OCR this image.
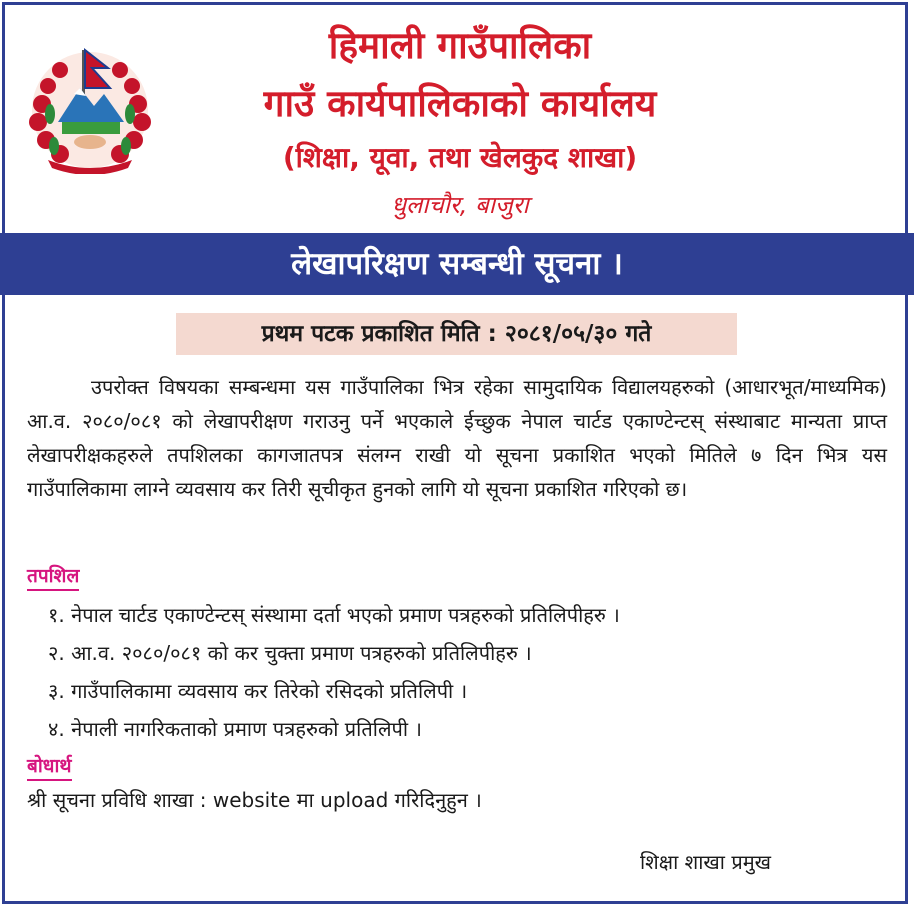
हिमाली गाउँपालिका
गाउँ कार्यपालिकाको कार्यालय
(शिक्षा, यूवा, तथा खेलकुद शाखा)
धुलाचौर, बाजुरा
लेखापरिक्षण सम्बन्धी सूचना ।
प्रथम पटक प्रकाशित मिति : २०८१/०५/३० गते
उपरोक्त विषयका सम्बन्धमा यस गाउँपालिका भित्र रहेका सामुदायिक विद्यालयहरुको (आधारभूत/माध्यमिक) आ.व. २०८०/०८१ को लेखापरीक्षण गराउनु पर्ने भएकाले ईच्छुक नेपाल चार्टड एकाण्टेन्टस् संस्थाबाट मान्यता प्राप्त लेखापरीक्षकहरुले तपशिलका कागजातपत्र संलग्न राखी यो सूचना प्रकाशित भएको मितिले ७ दिन भित्र यस गाउँपालिकामा लाग्ने व्यवसाय कर तिरी सूचीकृत हुनको लागि यो सूचना प्रकाशित गरिएको छ।
तपशिल
१. नेपाल चार्टड एकाण्टेन्टस् संस्थामा दर्ता भएको प्रमाण पत्रहरुको प्रतिलिपीहरु ।
२. आ.व. २०८०/०८१ को कर चुक्ता प्रमाण पत्रहरुको प्रतिलिपीहरु ।
३. गाउँपालिकामा व्यवसाय कर तिरेको रसिदको प्रतिलिपी ।
४. नेपाली नागरिकताको प्रमाण पत्रहरुको प्रतिलिपी ।
बोधार्थ
श्री सूचना प्रविधि शाखा : website मा upload गरिदिनुहुन ।
शिक्षा शाखा प्रमुख
